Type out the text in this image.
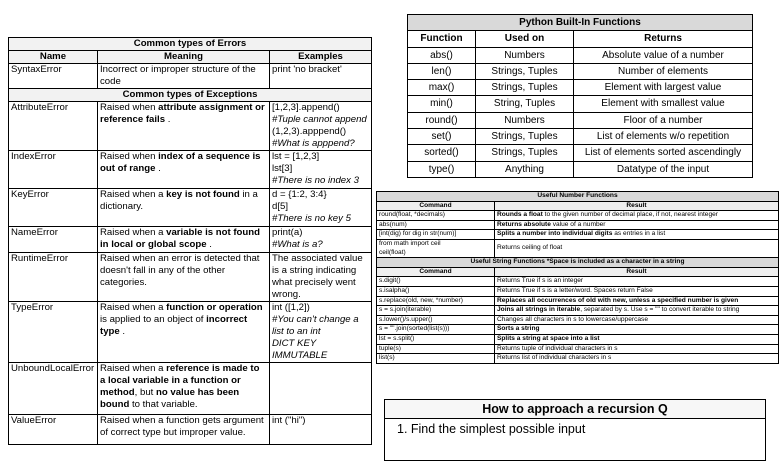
Common types of Errors		
Name	Meaning	Examples
SyntaxError	Incorrect or improper structure of the code	print 'no bracket'
Common types of Exceptions		
AttributeError	Raised when attribute assignment or reference fails .	[1,2,3].append()
#Tuple cannot append
(1,2,3).apppend()
#What is apppend?
IndexError	Raised when index of a sequence is out of range .	lst = [1,2,3]
lst[3]
#There is no index 3
KeyError	Raised when a key is not found in a dictionary.	d = {1:2, 3:4}
d[5]
#There is no key 5
NameError	Raised when a variable is not found in local or global scope .	print(a)
#What is a?
RuntimeError	Raised when an error is detected that doesn't fall in any of the other categories.	The associated value is a string indicating what precisely went wrong.
TypeError	Raised when a function or operation is applied to an object of incorrect type .	int ([1,2])
#You can't change a list to an int
DICT KEY IMMUTABLE
UnboundLocalError	Raised when a reference is made to a local variable in a function or method, but no value has been bound to that variable.	
ValueError	Raised when a function gets argument of correct type but improper value.	int ("hi")
Python Built-In Functions		
Function	Used on	Returns
abs()	Numbers	Absolute value of a number
len()	Strings, Tuples	Number of elements
max()	Strings, Tuples	Element with largest value
min()	String, Tuples	Element with smallest value
round()	Numbers	Floor of a number
set()	Strings, Tuples	List of elements w/o repetition
sorted()	Strings, Tuples	List of elements sorted ascendingly
type()	Anything	Datatype of the input
Useful Number Functions	
Command	Result
round(float, *decimals)	Rounds a float to the given number of decimal place, if not, nearest integer
abs(num)	Returns absolute value of a number
[int(dig) for dig in str(num)]	Splits a number into individual digits as entries in a list
from math import ceil
ceil(float)	Returns ceiling of float
Useful String Functions *Space is included as a character in a string	
Command	Result
s.digit()	Returns True if s is an integer
s.isalpha()	Returns True if s is a letter/word. Spaces return False
s.replace(old, new, *number)	Replaces all occurrences of old with new, unless a specified number is given
s = s.join(iterable)	Joins all strings in iterable, separated by s. Use s = "" to convert iterable to string
s.lower()/s.upper()	Changes all characters in s to lowercase/uppercase
s = "".join(sorted(list(s)))	Sorts a string
lst = s.split()	Splits a string at space into a list
tuple(s)	Returns tuple of individual characters in s
list(s)	Returns list of individual characters in s
How to approach a recursion Q
1. Find the simplest possible input
